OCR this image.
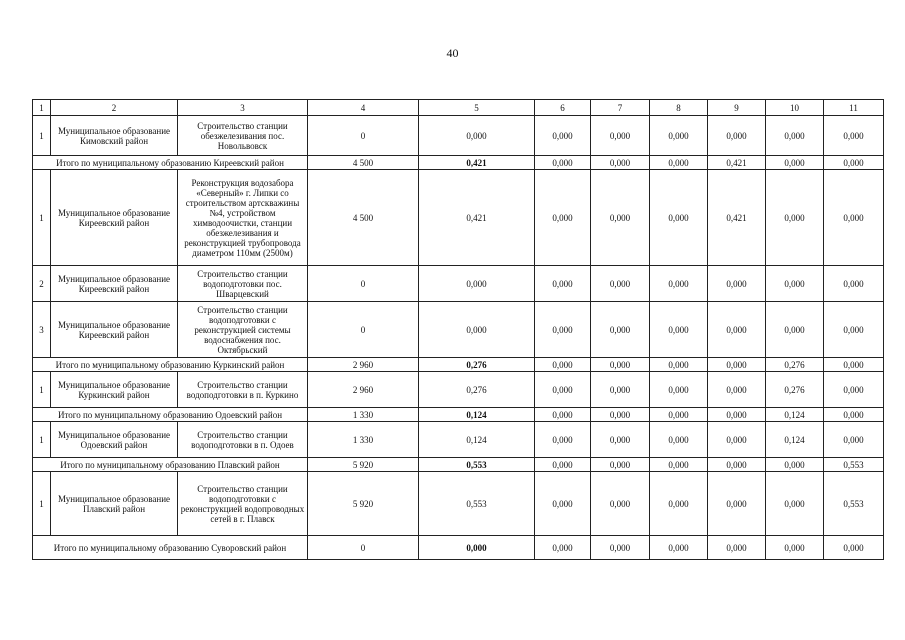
40
1	2	3	4	5	6	7	8	9	10	11
1	Муниципальное образование Кимовский район	Строительство станции обезжелезивания пос. Новольвовск	0	0,000	0,000	0,000	0,000	0,000	0,000	0,000
Итого по муниципальному образованию Киреевский район			4 500	0,421	0,000	0,000	0,000	0,421	0,000	0,000
1	Муниципальное образование Киреевский район	Реконструкция водозабора «Северный» г. Липки со строительством артскважины №4, устройством химводоочистки, станции обезжелезивания и реконструкцией трубопровода диаметром 110мм (2500м)	4 500	0,421	0,000	0,000	0,000	0,421	0,000	0,000
2	Муниципальное образование Киреевский район	Строительство станции водоподготовки пос. Шварцевский	0	0,000	0,000	0,000	0,000	0,000	0,000	0,000
3	Муниципальное образование Киреевский район	Строительство станции водоподготовки с реконструкцией системы водоснабжения пос. Октябрьский	0	0,000	0,000	0,000	0,000	0,000	0,000	0,000
Итого по муниципальному образованию Куркинский район			2 960	0,276	0,000	0,000	0,000	0,000	0,276	0,000
1	Муниципальное образование Куркинский район	Строительство станции водоподготовки в п. Куркино	2 960	0,276	0,000	0,000	0,000	0,000	0,276	0,000
Итого по муниципальному образованию Одоевский район			1 330	0,124	0,000	0,000	0,000	0,000	0,124	0,000
1	Муниципальное образование Одоевский район	Строительство станции водоподготовки в п. Одоев	1 330	0,124	0,000	0,000	0,000	0,000	0,124	0,000
Итого по муниципальному образованию Плавский район			5 920	0,553	0,000	0,000	0,000	0,000	0,000	0,553
1	Муниципальное образование Плавский район	Строительство станции водоподготовки с реконструкцией водопроводных сетей в г. Плавск	5 920	0,553	0,000	0,000	0,000	0,000	0,000	0,553
Итого по муниципальному образованию Суворовский район			0	0,000	0,000	0,000	0,000	0,000	0,000	0,000
